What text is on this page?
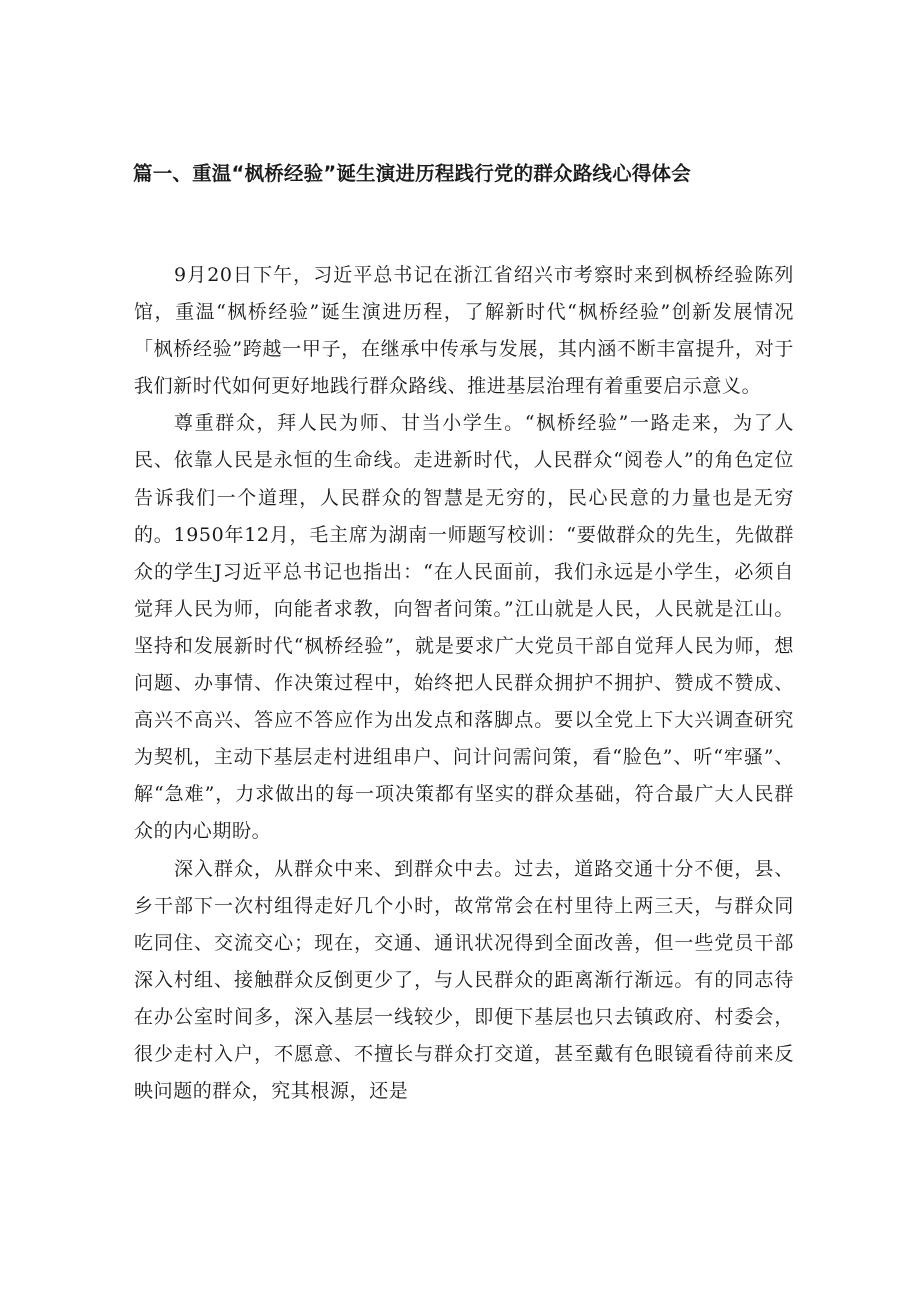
篇一、重温“枫桥经验”诞生演进历程践行党的群众路线心得体会

9月20日下午，习近平总书记在浙江省绍兴市考察时来到枫桥经验陈列馆，重温“枫桥经验”诞生演进历程，了解新时代“枫桥经验”创新发展情况「枫桥经验”跨越一甲子，在继承中传承与发展，其内涵不断丰富提升，对于我们新时代如何更好地践行群众路线、推进基层治理有着重要启示意义。

尊重群众，拜人民为师、甘当小学生。“枫桥经验”一路走来，为了人民、依靠人民是永恒的生命线。走进新时代，人民群众“阅卷人”的角色定位告诉我们一个道理，人民群众的智慧是无穷的，民心民意的力量也是无穷的。1950年12月，毛主席为湖南一师题写校训：“要做群众的先生，先做群众的学生J习近平总书记也指出：“在人民面前，我们永远是小学生，必须自觉拜人民为师，向能者求教，向智者问策。”江山就是人民，人民就是江山。坚持和发展新时代“枫桥经验”，就是要求广大党员干部自觉拜人民为师，想问题、办事情、作决策过程中，始终把人民群众拥护不拥护、赞成不赞成、高兴不高兴、答应不答应作为出发点和落脚点。要以全党上下大兴调查研究为契机，主动下基层走村进组串户、问计问需问策，看“脸色”、听“牢骚”、解“急难”，力求做出的每一项决策都有坚实的群众基础，符合最广大人民群众的内心期盼。

深入群众，从群众中来、到群众中去。过去，道路交通十分不便，县、乡干部下一次村组得走好几个小时，故常常会在村里待上两三天，与群众同吃同住、交流交心；现在，交通、通讯状况得到全面改善，但一些党员干部深入村组、接触群众反倒更少了，与人民群众的距离渐行渐远。有的同志待在办公室时间多，深入基层一线较少，即便下基层也只去镇政府、村委会，很少走村入户，不愿意、不擅长与群众打交道，甚至戴有色眼镜看待前来反映问题的群众，究其根源，还是
